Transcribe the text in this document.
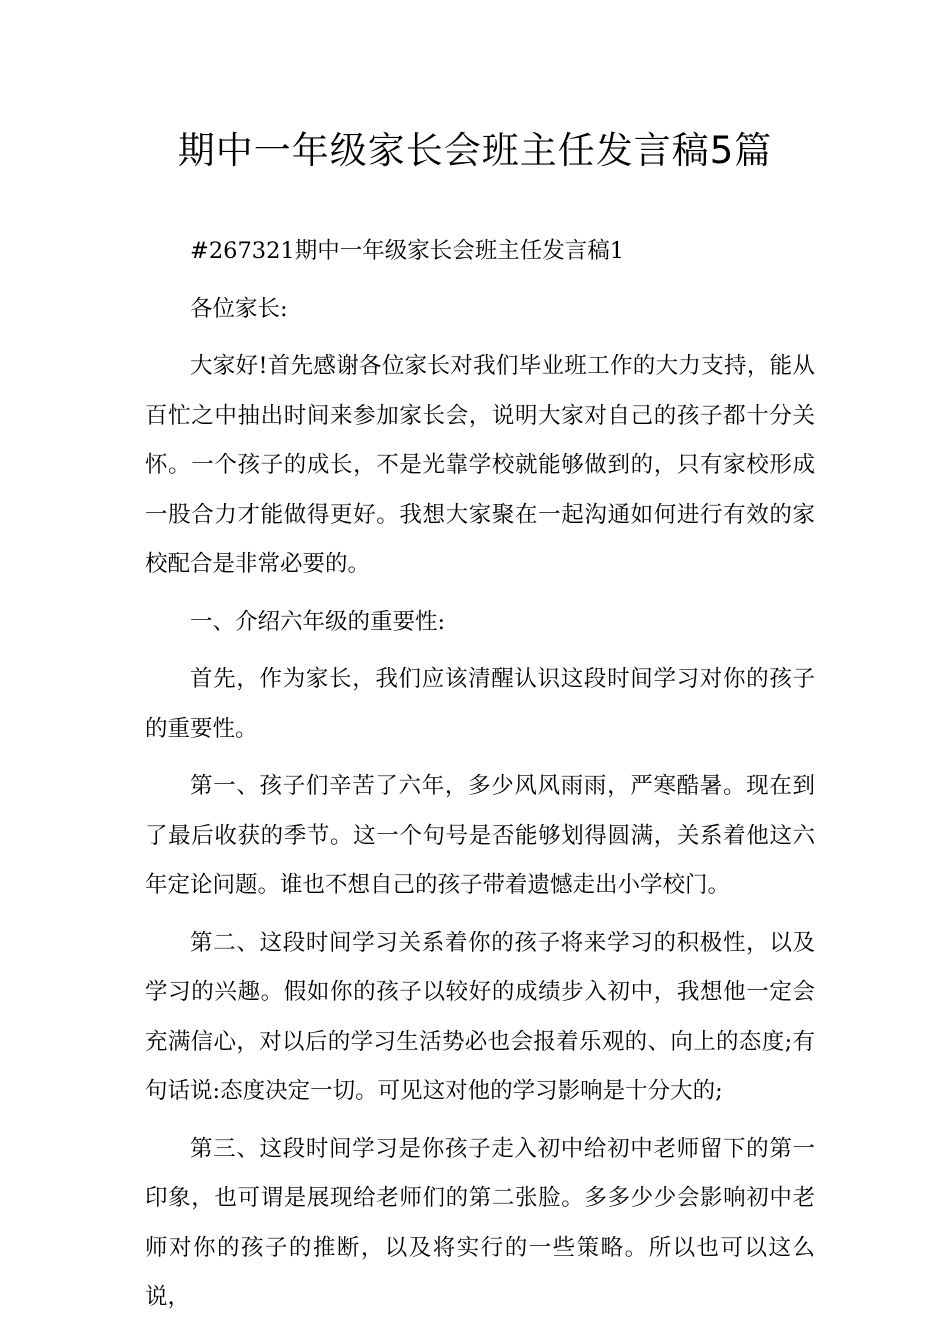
期中一年级家长会班主任发言稿5篇

#267321期中一年级家长会班主任发言稿1

各位家长:

大家好!首先感谢各位家长对我们毕业班工作的大力支持，能从百忙之中抽出时间来参加家长会，说明大家对自己的孩子都十分关怀。一个孩子的成长，不是光靠学校就能够做到的，只有家校形成一股合力才能做得更好。我想大家聚在一起沟通如何进行有效的家校配合是非常必要的。

一、介绍六年级的重要性:

首先，作为家长，我们应该清醒认识这段时间学习对你的孩子的重要性。

第一、孩子们辛苦了六年，多少风风雨雨，严寒酷暑。现在到了最后收获的季节。这一个句号是否能够划得圆满，关系着他这六年定论问题。谁也不想自己的孩子带着遗憾走出小学校门。

第二、这段时间学习关系着你的孩子将来学习的积极性，以及学习的兴趣。假如你的孩子以较好的成绩步入初中，我想他一定会充满信心，对以后的学习生活势必也会报着乐观的、向上的态度;有句话说:态度决定一切。可见这对他的学习影响是十分大的;

第三、这段时间学习是你孩子走入初中给初中老师留下的第一印象，也可谓是展现给老师们的第二张脸。多多少少会影响初中老师对你的孩子的推断，以及将实行的一些策略。所以也可以这么说，
